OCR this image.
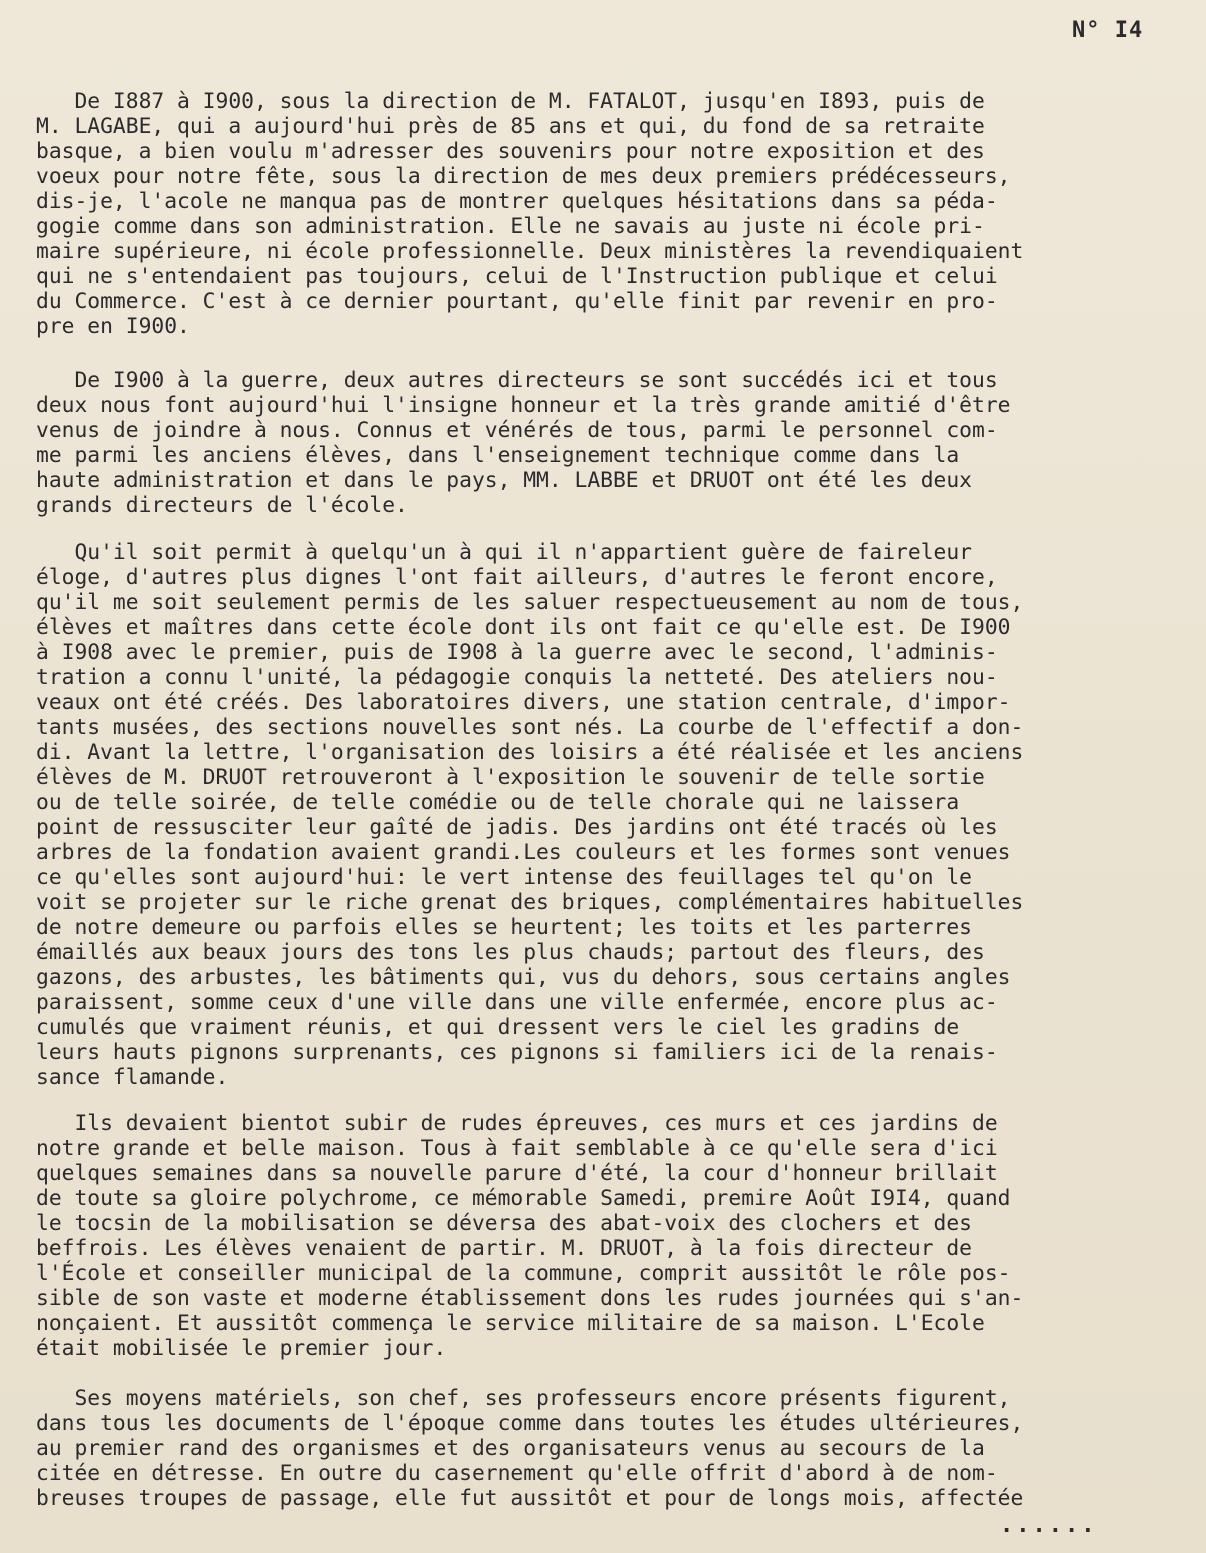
N° I4
De I887 à I900, sous la direction de M. FATALOT, jusqu'en I893, puis de
M. LAGABE, qui a aujourd'hui près de 85 ans et qui, du fond de sa retraite
basque, a bien voulu m'adresser des souvenirs pour notre exposition et des
voeux pour notre fête, sous la direction de mes deux premiers prédécesseurs,
dis-je, l'acole ne manqua pas de montrer quelques hésitations dans sa péda-
gogie comme dans son administration. Elle ne savais au juste ni école pri-
maire supérieure, ni école professionnelle. Deux ministères la revendiquaient
qui ne s'entendaient pas toujours, celui de l'Instruction publique et celui
du Commerce. C'est à ce dernier pourtant, qu'elle finit par revenir en pro-
pre en I900.
De I900 à la guerre, deux autres directeurs se sont succédés ici et tous
deux nous font aujourd'hui l'insigne honneur et la très grande amitié d'être
venus de joindre à nous. Connus et vénérés de tous, parmi le personnel com-
me parmi les anciens élèves, dans l'enseignement technique comme dans la
haute administration et dans le pays, MM. LABBE et DRUOT ont été les deux
grands directeurs de l'école.
Qu'il soit permit à quelqu'un à qui il n'appartient guère de faireleur
éloge, d'autres plus dignes l'ont fait ailleurs, d'autres le feront encore,
qu'il me soit seulement permis de les saluer respectueusement au nom de tous,
élèves et maîtres dans cette école dont ils ont fait ce qu'elle est. De I900
à I908 avec le premier, puis de I908 à la guerre avec le second, l'adminis-
tration a connu l'unité, la pédagogie conquis la netteté. Des ateliers nou-
veaux ont été créés. Des laboratoires divers, une station centrale, d'impor-
tants musées, des sections nouvelles sont nés. La courbe de l'effectif a don-
di. Avant la lettre, l'organisation des loisirs a été réalisée et les anciens
élèves de M. DRUOT retrouveront à l'exposition le souvenir de telle sortie
ou de telle soirée, de telle comédie ou de telle chorale qui ne laissera
point de ressusciter leur gaîté de jadis. Des jardins ont été tracés où les
arbres de la fondation avaient grandi.Les couleurs et les formes sont venues
ce qu'elles sont aujourd'hui: le vert intense des feuillages tel qu'on le
voit se projeter sur le riche grenat des briques, complémentaires habituelles
de notre demeure ou parfois elles se heurtent; les toits et les parterres
émaillés aux beaux jours des tons les plus chauds; partout des fleurs, des
gazons, des arbustes, les bâtiments qui, vus du dehors, sous certains angles
paraissent, somme ceux d'une ville dans une ville enfermée, encore plus ac-
cumulés que vraiment réunis, et qui dressent vers le ciel les gradins de
leurs hauts pignons surprenants, ces pignons si familiers ici de la renais-
sance flamande.
Ils devaient bientot subir de rudes épreuves, ces murs et ces jardins de
notre grande et belle maison. Tous à fait semblable à ce qu'elle sera d'ici
quelques semaines dans sa nouvelle parure d'été, la cour d'honneur brillait
de toute sa gloire polychrome, ce mémorable Samedi, premire Août I9I4, quand
le tocsin de la mobilisation se déversa des abat-voix des clochers et des
beffrois. Les élèves venaient de partir. M. DRUOT, à la fois directeur de
l'École et conseiller municipal de la commune, comprit aussitôt le rôle pos-
sible de son vaste et moderne établissement dons les rudes journées qui s'an-
nonçaient. Et aussitôt commença le service militaire de sa maison. L'Ecole
était mobilisée le premier jour.
Ses moyens matériels, son chef, ses professeurs encore présents figurent,
dans tous les documents de l'époque comme dans toutes les études ultérieures,
au premier rand des organismes et des organisateurs venus au secours de la
citée en détresse. En outre du casernement qu'elle offrit d'abord à de nom-
breuses troupes de passage, elle fut aussitôt et pour de longs mois, affectée
......
